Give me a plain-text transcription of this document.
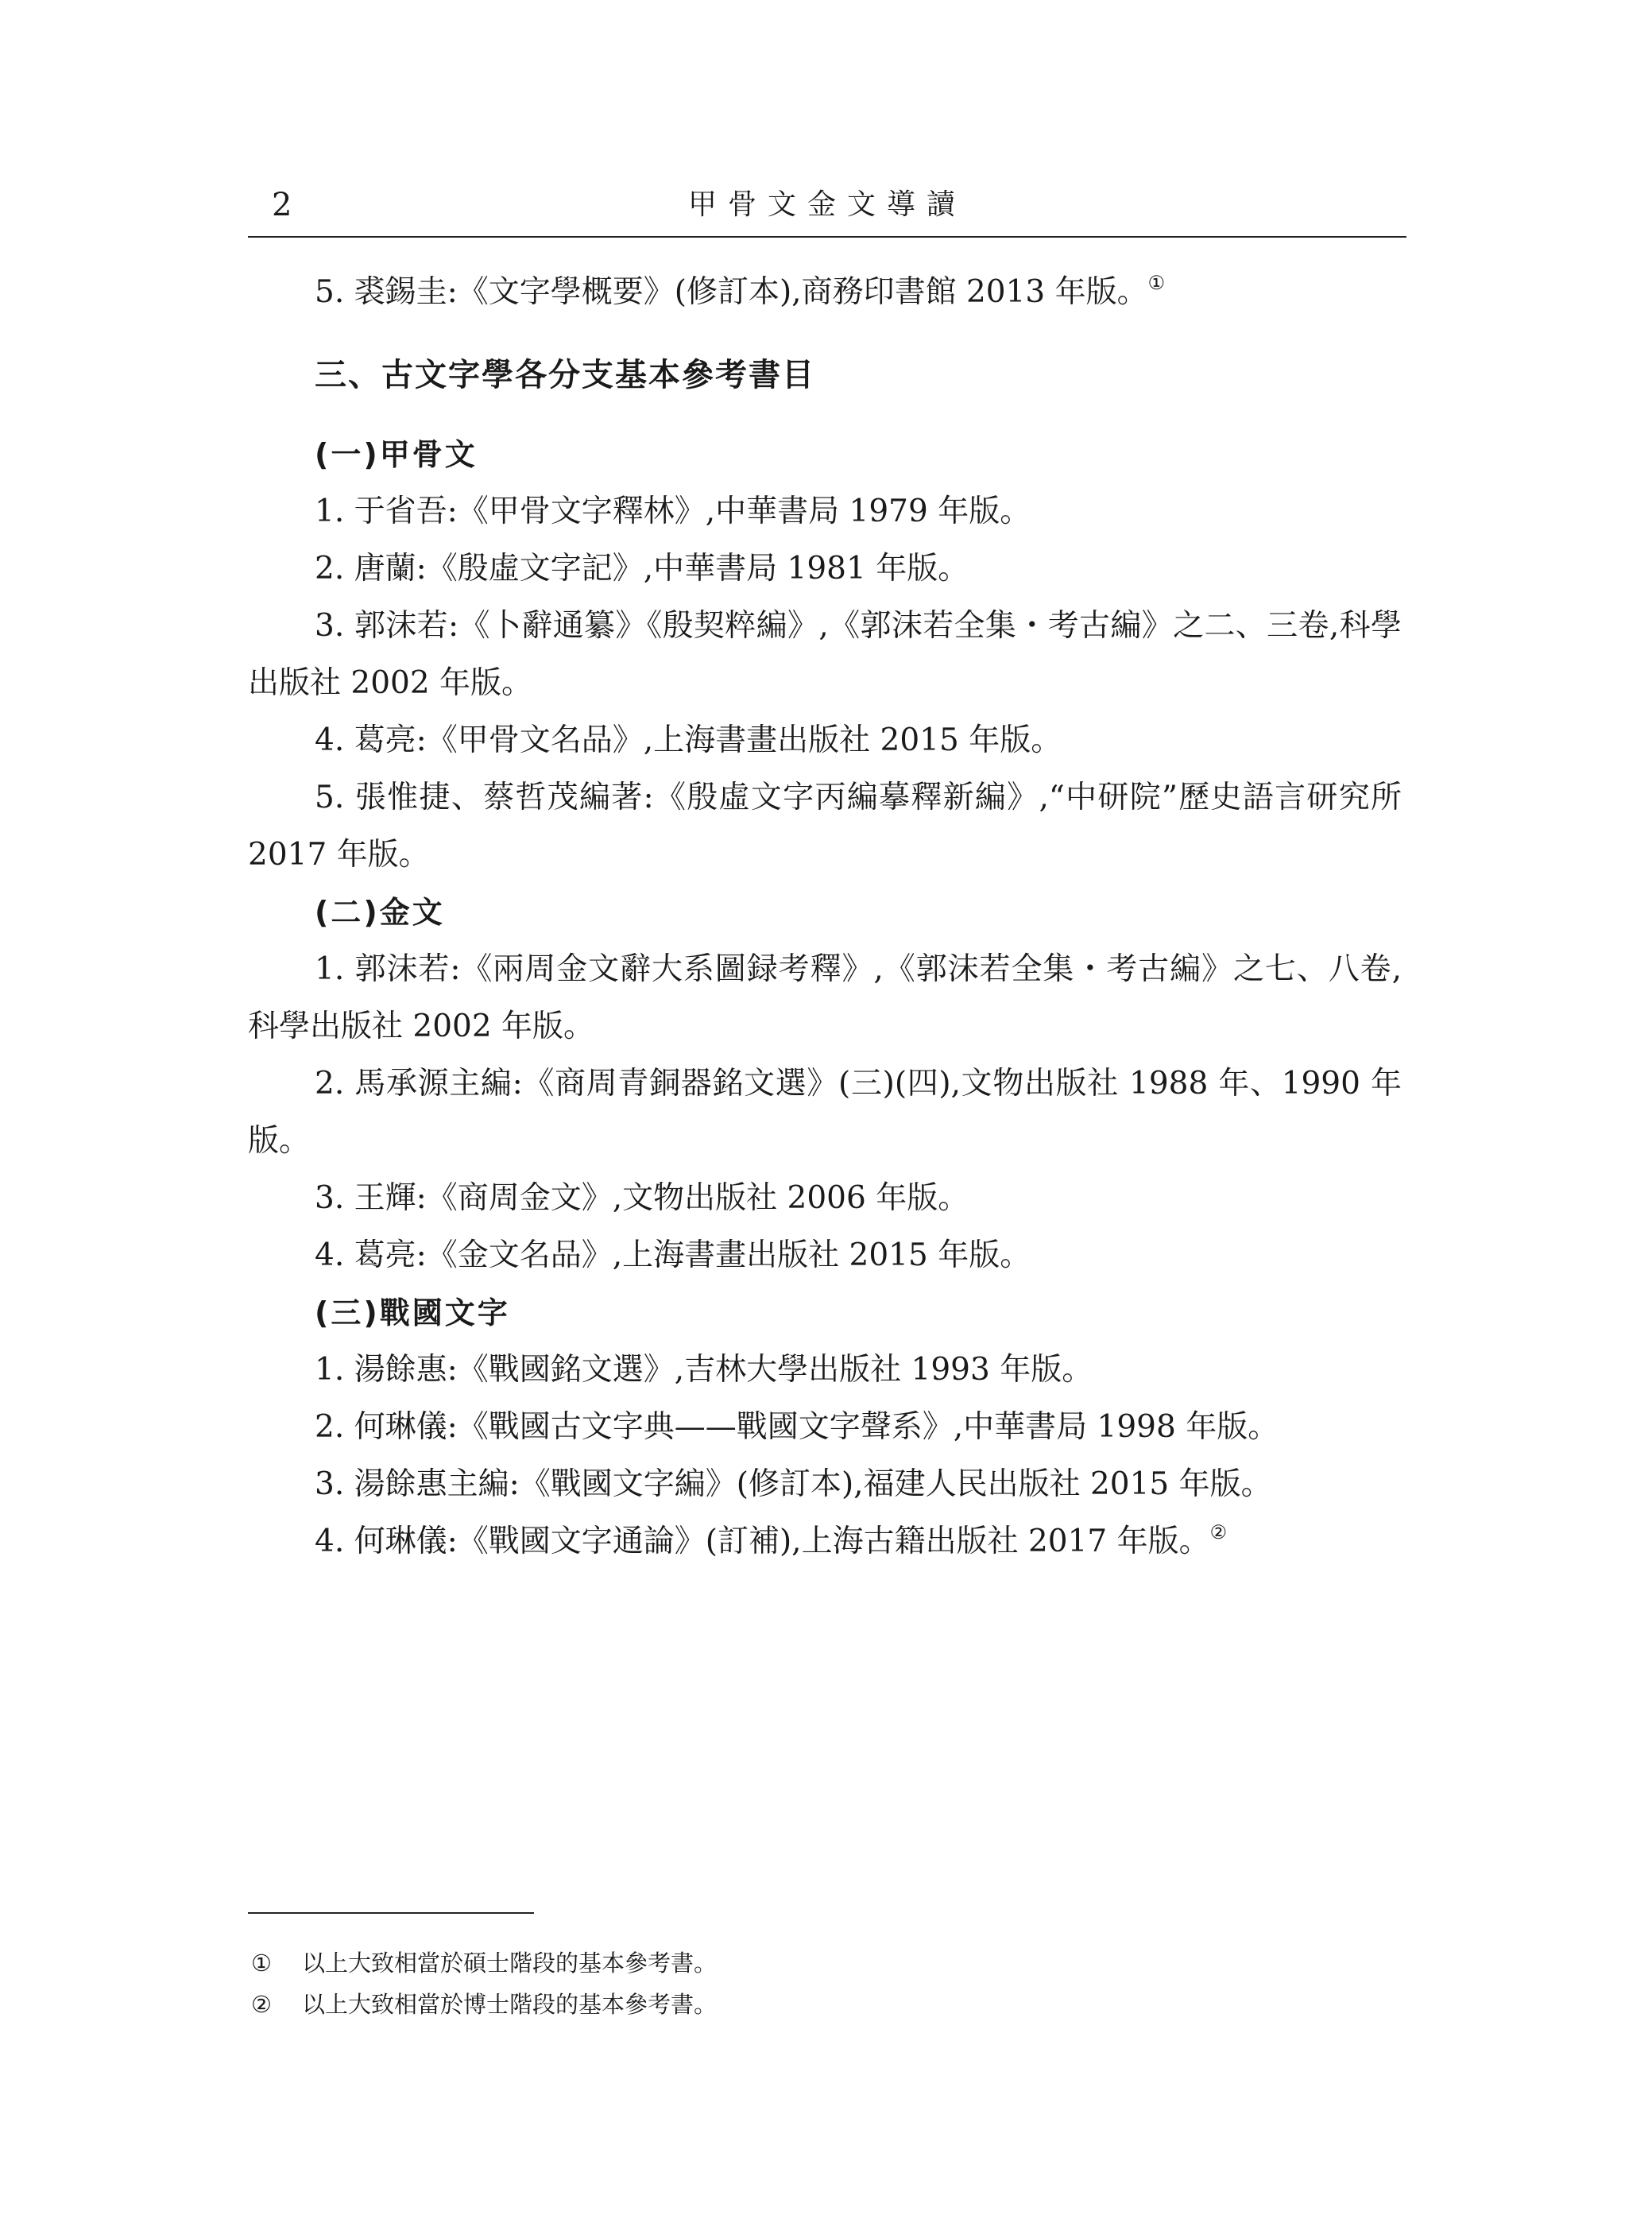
2	甲骨文金文導讀

5. 裘錫圭:《文字學概要》(修訂本),商務印書館 2013 年版。①

三、古文字學各分支基本參考書目

(一)甲骨文

1. 于省吾:《甲骨文字釋林》,中華書局 1979 年版。

2. 唐蘭:《殷虛文字記》,中華書局 1981 年版。

3. 郭沫若:《卜辭通纂》《殷契粹編》,《郭沫若全集・考古編》之二、三卷,科學出版社 2002 年版。

4. 葛亮:《甲骨文名品》,上海書畫出版社 2015 年版。

5. 張惟捷、蔡哲茂編著:《殷虛文字丙編摹釋新編》,“中研院”歷史語言研究所 2017 年版。

(二)金文

1. 郭沫若:《兩周金文辭大系圖録考釋》,《郭沫若全集・考古編》之七、八卷,科學出版社 2002 年版。

2. 馬承源主編:《商周青銅器銘文選》(三)(四),文物出版社 1988 年、1990 年版。

3. 王輝:《商周金文》,文物出版社 2006 年版。

4. 葛亮:《金文名品》,上海書畫出版社 2015 年版。

(三)戰國文字

1. 湯餘惠:《戰國銘文選》,吉林大學出版社 1993 年版。

2. 何琳儀:《戰國古文字典——戰國文字聲系》,中華書局 1998 年版。

3. 湯餘惠主編:《戰國文字編》(修訂本),福建人民出版社 2015 年版。

4. 何琳儀:《戰國文字通論》(訂補),上海古籍出版社 2017 年版。②

① 以上大致相當於碩士階段的基本參考書。

② 以上大致相當於博士階段的基本參考書。
